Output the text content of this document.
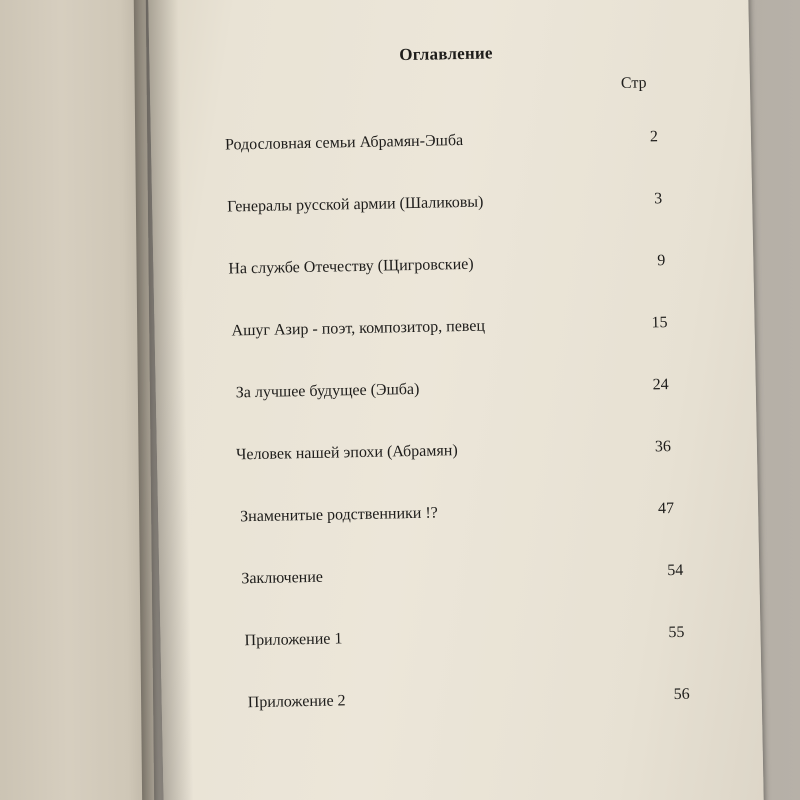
Оглавление
Стр
Родословная семьи Абрамян-Эшба	2
Генералы русской армии (Шаликовы)	3
На службе Отечеству (Щигровские)	9
Ашуг Азир - поэт, композитор, певец	15
За лучшее будущее (Эшба)	24
Человек нашей эпохи (Абрамян)	36
Знаменитые родственники !?	47
Заключение	54
Приложение 1	55
Приложение 2	56
